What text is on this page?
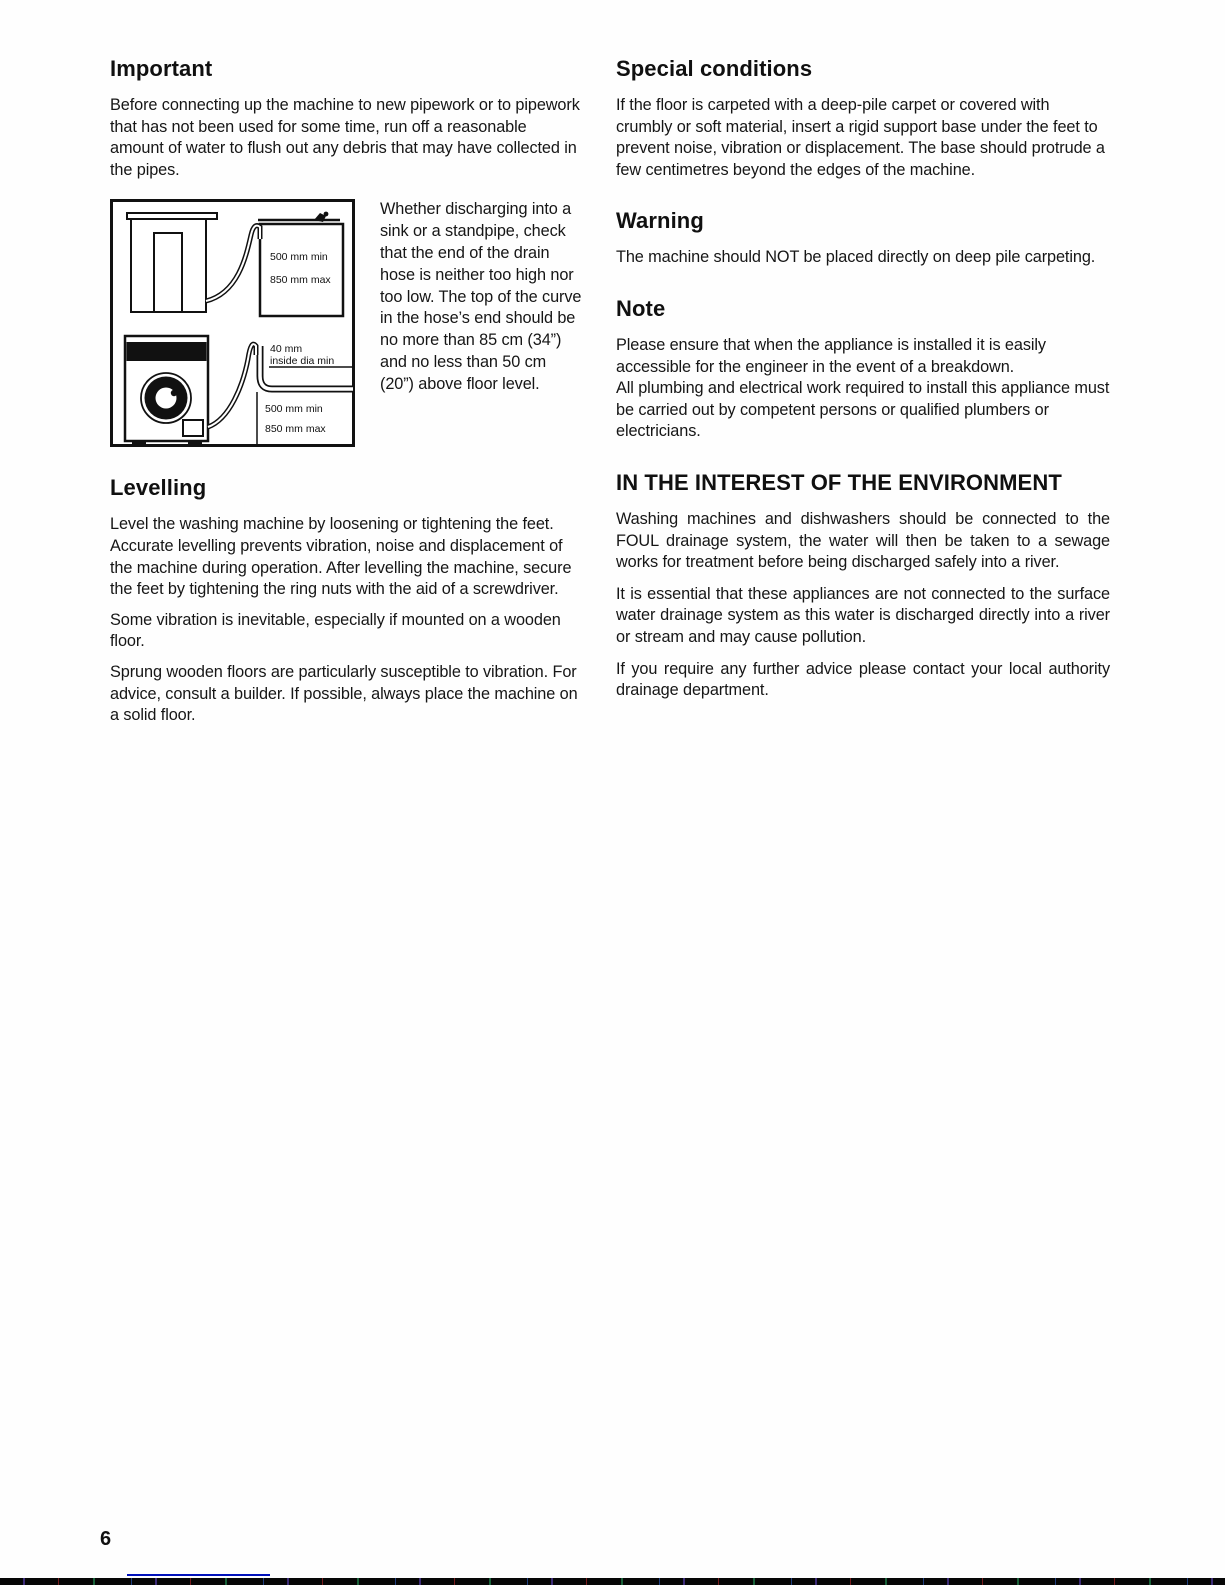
Important

Before connecting up the machine to new pipework or to pipework that has not been used for some time, run off a reasonable amount of water to flush out any debris that may have collected in the pipes.

500 mm min
850 mm max
40 mm
inside dia min
500 mm min
850 mm max
Whether discharging into a sink or a standpipe, check that the end of the drain hose is neither too high nor too low. The top of the curve in the hose’s end should be no more than 85 cm (34”) and no less than 50 cm (20”) above floor level.
Levelling

Level the washing machine by loosening or tightening the feet. Accurate levelling prevents vibration, noise and displacement of the machine during operation. After levelling the machine, secure the feet by tightening the ring nuts with the aid of a screwdriver.

Some vibration is inevitable, especially if mounted on a wooden floor.

Sprung wooden floors are particularly susceptible to vibration. For advice, consult a builder. If possible, always place the machine on a solid floor.

Special conditions

If the floor is carpeted with a deep-pile carpet or covered with crumbly or soft material, insert a rigid support base under the feet to prevent noise, vibration or displacement. The base should protrude a few centimetres beyond the edges of the machine.

Warning

The machine should NOT be placed directly on deep pile carpeting.

Note

Please ensure that when the appliance is installed it is easily accessible for the engineer in the event of a breakdown.

All plumbing and electrical work required to install this appliance must be carried out by competent persons or qualified plumbers or electricians.

IN THE INTEREST OF THE ENVIRONMENT

Washing machines and dishwashers should be connected to the FOUL drainage system, the water will then be taken to a sewage works for treatment before being discharged safely into a river.

It is essential that these appliances are not connected to the surface water drainage system as this water is discharged directly into a river or stream and may cause pollution.

If you require any further advice please contact your local authority drainage department.

6
